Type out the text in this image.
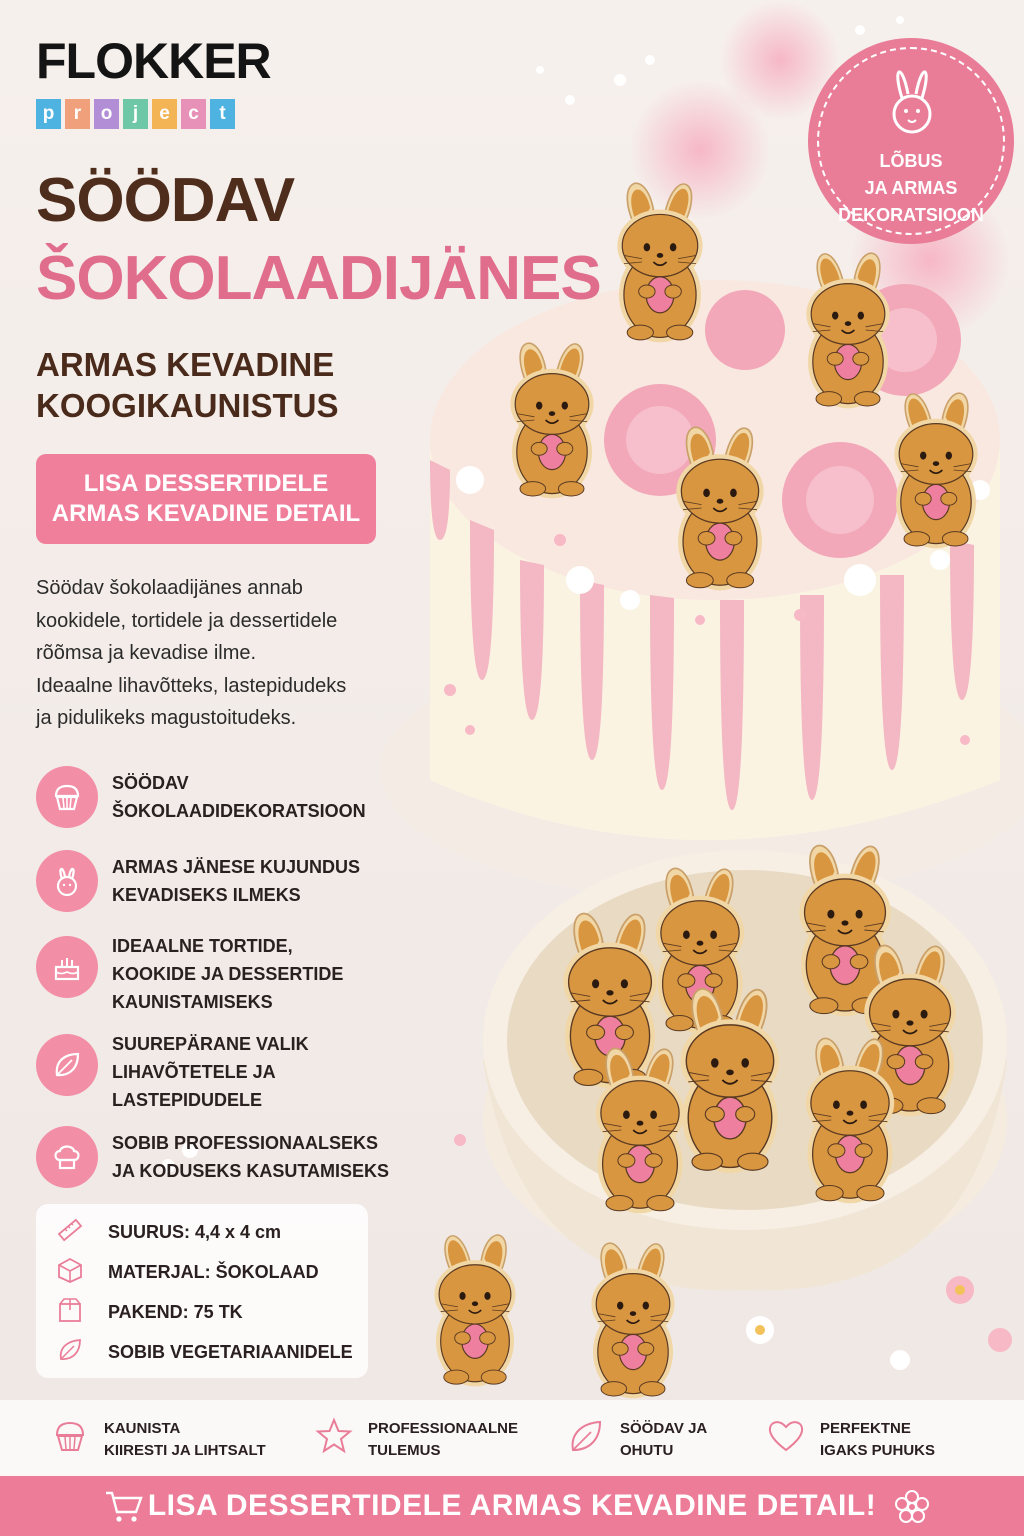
FLOKKER
p	r	o	j	e c	t
SÖÖDAV
ŠOKOLAADIJÄNES
ARMAS KEVADINE
KOOGIKAUNISTUS
LISA DESSERTIDELE
ARMAS KEVADINE DETAIL
Söödav šokolaadijänes annab
kookidele, tortidele ja dessertidele
rõõmsa ja kevadise ilme.
Ideaalne lihavõtteks, lastepidudeks
ja pidulikeks magustoitudeks.
SÖÖDAV
ŠOKOLAADIDEKORATSIOON
ARMAS JÄNESE KUJUNDUS
KEVADISEKS ILMEKS
IDEAALNE TORTIDE,
KOOKIDE JA DESSERTIDE
KAUNISTAMISEKS
SUUREPÄRANE VALIK
LIHAVÕTETELE JA
LASTEPIDUDELE
SOBIB PROFESSIONAALSEKS
JA KODUSEKS KASUTAMISEKS
SUURUS: 4,4 x 4 cm
MATERJAL: ŠOKOLAAD
PAKEND: 75 TK
SOBIB VEGETARIAANIDELE
LÕBUS
JA ARMAS
DEKORATSIOON
KAUNISTA
KIIRESTI JA LIHTSALT
PROFESSIONAALNE
TULEMUS
SÖÖDAV JA
OHUTU
PERFEKTNE
IGAKS PUHUKS
LISA DESSERTIDELE ARMAS KEVADINE DETAIL!
